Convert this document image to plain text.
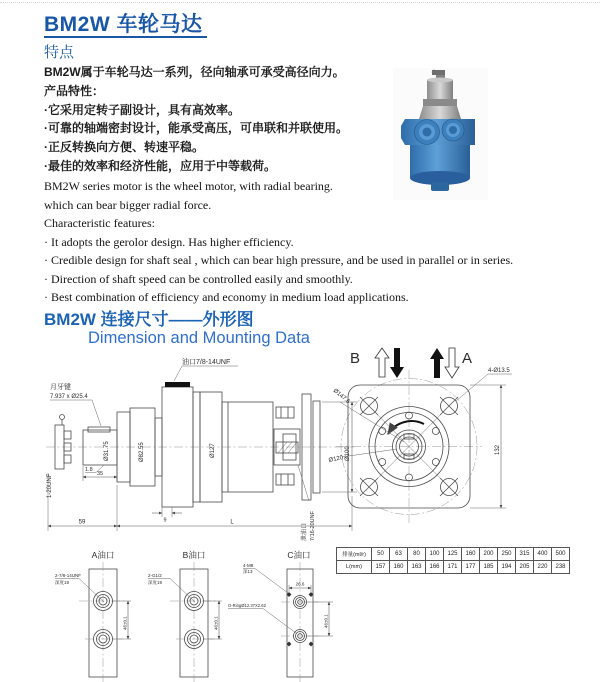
BM2W 车轮马达
特点
BM2W属于车轮马达一系列，径向轴承可承受高径向力。
产品特性：
·它采用定转子副设计，具有高效率。
·可靠的轴端密封设计，能承受高压，可串联和并联使用。
·正反转换向方便、转速平稳。
·最佳的效率和经济性能，应用于中等载荷。
BM2W series motor is the wheel motor, with radial bearing.
which can bear bigger radial force.
Characteristic features:
· It adopts the gerolor design. Has higher efficiency.
· Credible design for shaft seal , which can bear high pressure, and be used in parallel or in series.
· Direction of shaft speed can be controlled easily and smoothly.
· Best combination of efficiency and economy in medium load applications.
BM2W 连接尺寸——外形图
Dimension and Mounting Data
1-20UNF
月牙键
7.937 x Ø25.4
Ø31.75
1.8
35
油口7/8-14UNF
Ø82.55	Ø127
9
Ø100
泄油口 7/16-20UNF
59	L
B	A
Ø147.6
Ø120
4-Ø13.5
132
A油口
2-7/8-14UNF
深度19
46±0.1
B油口
2-G1/2
深度19
46±0.1
C油口
4-M8
深13
26.6
O-RingØ12.37X2.62
46±0.1
排量(ml/r)	50	63	80	100	125	160	200	250	315	400	500
L(mm)	157	160	163	166	171	177	185	194	205	220	238
